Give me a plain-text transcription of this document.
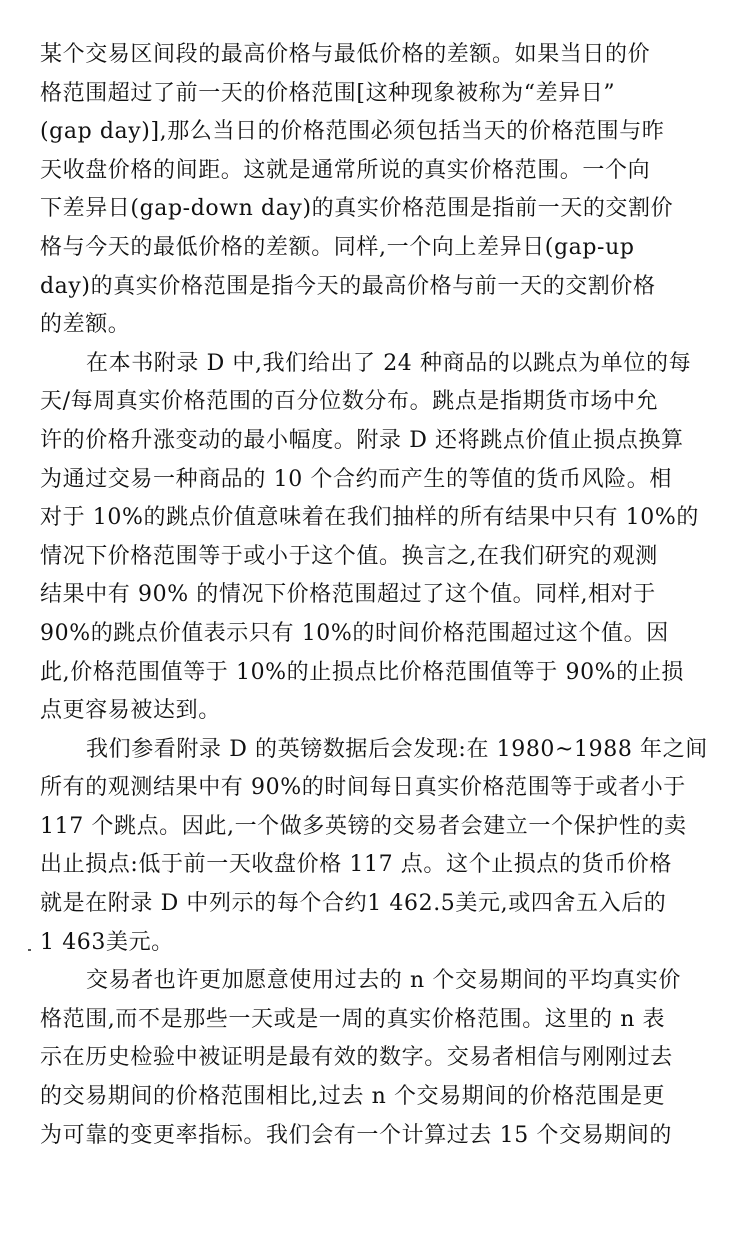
某个交易区间段的最高价格与最低价格的差额。如果当日的价
格范围超过了前一天的价格范围[这种现象被称为“差异日”
(gap day)],那么当日的价格范围必须包括当天的价格范围与昨
天收盘价格的间距。这就是通常所说的真实价格范围。一个向
下差异日(gap-down day)的真实价格范围是指前一天的交割价
格与今天的最低价格的差额。同样,一个向上差异日(gap-up
day)的真实价格范围是指今天的最高价格与前一天的交割价格
的差额。

在本书附录 D 中,我们给出了 24 种商品的以跳点为单位的每
天/每周真实价格范围的百分位数分布。跳点是指期货市场中允
许的价格升涨变动的最小幅度。附录 D 还将跳点价值止损点换算
为通过交易一种商品的 10 个合约而产生的等值的货币风险。相
对于 10%的跳点价值意味着在我们抽样的所有结果中只有 10%的
情况下价格范围等于或小于这个值。换言之,在我们研究的观测
结果中有 90% 的情况下价格范围超过了这个值。同样,相对于
90%的跳点价值表示只有 10%的时间价格范围超过这个值。因
此,价格范围值等于 10%的止损点比价格范围值等于 90%的止损
点更容易被达到。

我们参看附录 D 的英镑数据后会发现:在 1980~1988 年之间
所有的观测结果中有 90%的时间每日真实价格范围等于或者小于
117 个跳点。因此,一个做多英镑的交易者会建立一个保护性的卖
出止损点:低于前一天收盘价格 117 点。这个止损点的货币价格
就是在附录 D 中列示的每个合约1 462.5美元,或四舍五入后的
1 463美元。

交易者也许更加愿意使用过去的 n 个交易期间的平均真实价
格范围,而不是那些一天或是一周的真实价格范围。这里的 n 表
示在历史检验中被证明是最有效的数字。交易者相信与刚刚过去
的交易期间的价格范围相比,过去 n 个交易期间的价格范围是更
为可靠的变更率指标。我们会有一个计算过去 15 个交易期间的
